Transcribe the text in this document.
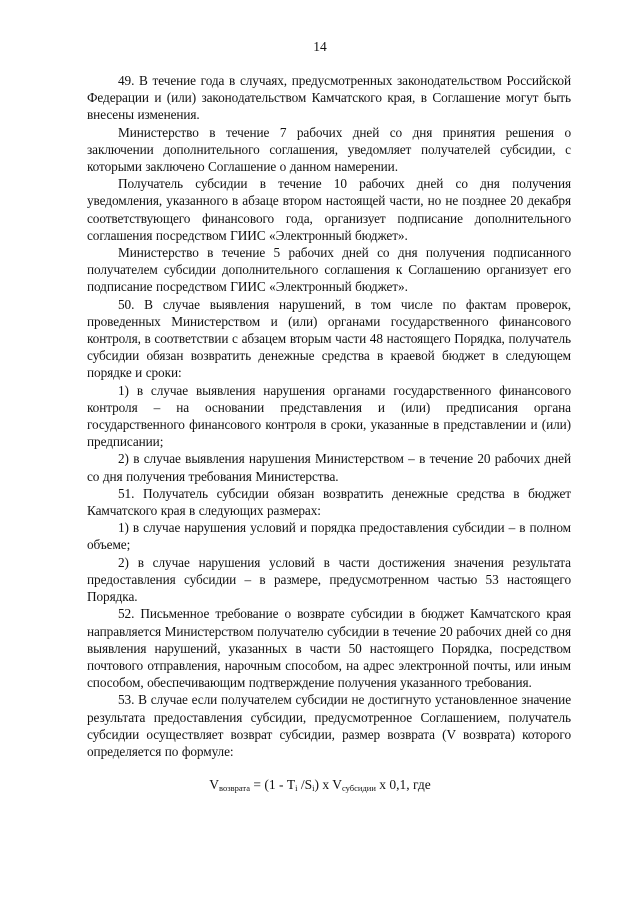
14

49. В течение года в случаях, предусмотренных законодательством Российской Федерации и (или) законодательством Камчатского края, в Соглашение могут быть внесены изменения.

Министерство в течение 7 рабочих дней со дня принятия решения о заключении дополнительного соглашения, уведомляет получателей субсидии, с которыми заключено Соглашение о данном намерении.

Получатель субсидии в течение 10 рабочих дней со дня получения уведомления, указанного в абзаце втором настоящей части, но не позднее 20 декабря соответствующего финансового года, организует подписание дополнительного соглашения посредством ГИИС «Электронный бюджет».

Министерство в течение 5 рабочих дней со дня получения подписанного получателем субсидии дополнительного соглашения к Соглашению организует его подписание посредством ГИИС «Электронный бюджет».

50. В случае выявления нарушений, в том числе по фактам проверок, проведенных Министерством и (или) органами государственного финансового контроля, в соответствии с абзацем вторым части 48 настоящего Порядка, получатель субсидии обязан возвратить денежные средства в краевой бюджет в следующем порядке и сроки:

1) в случае выявления нарушения органами государственного финансового контроля – на основании представления и (или) предписания органа государственного финансового контроля в сроки, указанные в представлении и (или) предписании;

2) в случае выявления нарушения Министерством – в течение 20 рабочих дней со дня получения требования Министерства.

51. Получатель субсидии обязан возвратить денежные средства в бюджет Камчатского края в следующих размерах:

1) в случае нарушения условий и порядка предоставления субсидии – в полном объеме;

2) в случае нарушения условий в части достижения значения результата предоставления субсидии – в размере, предусмотренном частью 53 настоящего Порядка.

52. Письменное требование о возврате субсидии в бюджет Камчатского края направляется Министерством получателю субсидии в течение 20 рабочих дней со дня выявления нарушений, указанных в части 50 настоящего Порядка, посредством почтового отправления, нарочным способом, на адрес электронной почты, или иным способом, обеспечивающим подтверждение получения указанного требования.

53. В случае если получателем субсидии не достигнуто установленное значение результата предоставления субсидии, предусмотренное Соглашением, получатель субсидии осуществляет возврат субсидии, размер возврата (V возврата) которого определяется по формуле:

$V_{возврата} = (1 - T_i$ $/S_i$) x $V_{субсидии}$ x 0,1, где
